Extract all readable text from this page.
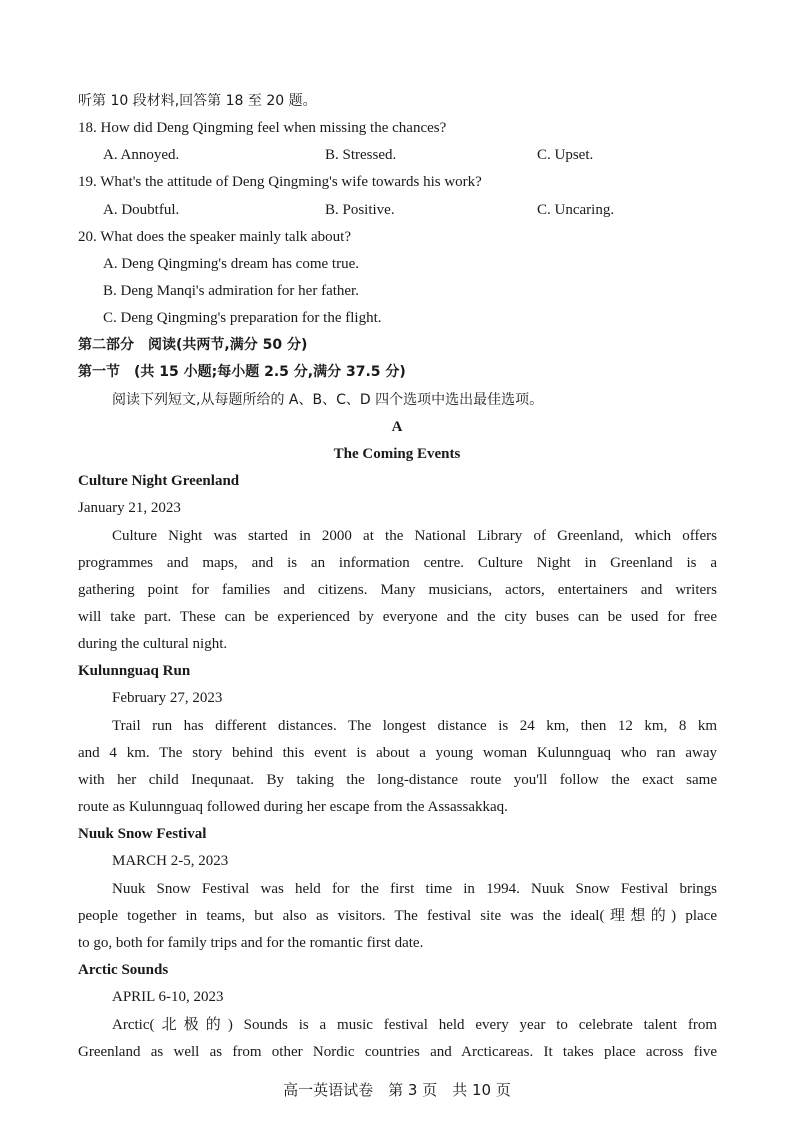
听第 10 段材料,回答第 18 至 20 题。
18. How did Deng Qingming feel when missing the chances?
A. Annoyed.	B. Stressed.	C. Upset.
19. What's the attitude of Deng Qingming's wife towards his work?
A. Doubtful.	B. Positive.	C. Uncaring.
20. What does the speaker mainly talk about?
A. Deng Qingming's dream has come true.
B. Deng Manqi's admiration for her father.
C. Deng Qingming's preparation for the flight.
第二部分　阅读(共两节,满分 50 分)
第一节　(共 15 小题;每小题 2.5 分,满分 37.5 分)
阅读下列短文,从每题所给的 A、B、C、D 四个选项中选出最佳选项。
A
The Coming Events
Culture Night Greenland
January 21, 2023
Culture Night was started in 2000 at the National Library of Greenland, which offers
programmes and maps, and is an information centre. Culture Night in Greenland is a
gathering point for families and citizens. Many musicians, actors, entertainers and writers
will take part. These can be experienced by everyone and the city buses can be used for free
during the cultural night.
Kulunnguaq Run
February 27, 2023
Trail run has different distances. The longest distance is 24 km, then 12 km, 8 km
and 4 km. The story behind this event is about a young woman Kulunnguaq who ran away
with her child Inequnaat. By taking the long-distance route you'll follow the exact same
route as Kulunnguaq followed during her escape from the Assassakkaq.
Nuuk Snow Festival
MARCH 2-5, 2023
Nuuk Snow Festival was held for the first time in 1994. Nuuk Snow Festival brings
people together in teams, but also as visitors. The festival site was the ideal(理想的) place
to go, both for family trips and for the romantic first date.
Arctic Sounds
APRIL 6-10, 2023
Arctic(北极的) Sounds is a music festival held every year to celebrate talent from
Greenland as well as from other Nordic countries and Arcticareas. It takes place across five
高一英语试卷　第 3 页　共 10 页
